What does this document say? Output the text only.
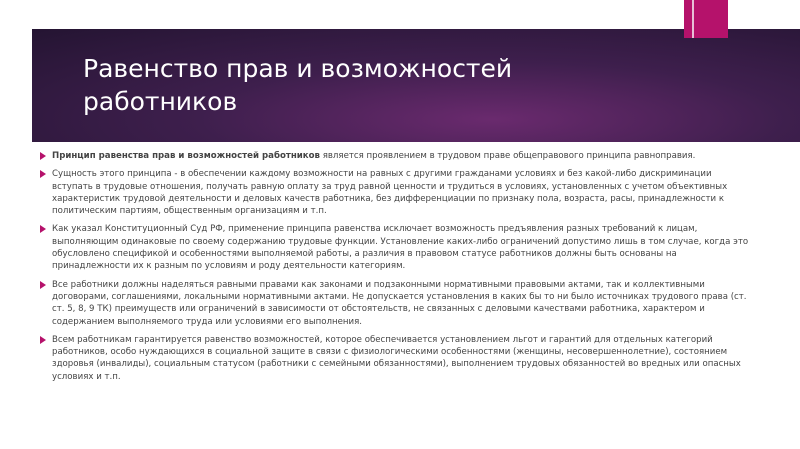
Равенство прав и возможностей работников
Принцип равенства прав и возможностей работников является проявлением в трудовом праве общеправового принципа равноправия.
Сущность этого принципа - в обеспечении каждому возможности на равных с другими гражданами условиях и без какой-либо дискриминации вступать в трудовые отношения, получать равную оплату за труд равной ценности и трудиться в условиях, установленных с учетом объективных характеристик трудовой деятельности и деловых качеств работника, без дифференциации по признаку пола, возраста, расы, принадлежности к политическим партиям, общественным организациям и т.п.
Как указал Конституционный Суд РФ, применение принципа равенства исключает возможность предъявления разных требований к лицам, выполняющим одинаковые по своему содержанию трудовые функции. Установление каких-либо ограничений допустимо лишь в том случае, когда это обусловлено спецификой и особенностями выполняемой работы, а различия в правовом статусе работников должны быть основаны на принадлежности их к разным по условиям и роду деятельности категориям.
Все работники должны наделяться равными правами как законами и подзаконными нормативными правовыми актами, так и коллективными договорами, соглашениями, локальными нормативными актами. Не допускается установления в каких бы то ни было источниках трудового права (ст. ст. 5, 8, 9 ТК) преимуществ или ограничений в зависимости от обстоятельств, не связанных с деловыми качествами работника, характером и содержанием выполняемого труда или условиями его выполнения.
Всем работникам гарантируется равенство возможностей, которое обеспечивается установлением льгот и гарантий для отдельных категорий работников, особо нуждающихся в социальной защите в связи с физиологическими особенностями (женщины, несовершеннолетние), состоянием здоровья (инвалиды), социальным статусом (работники с семейными обязанностями), выполнением трудовых обязанностей во вредных или опасных условиях и т.п.
